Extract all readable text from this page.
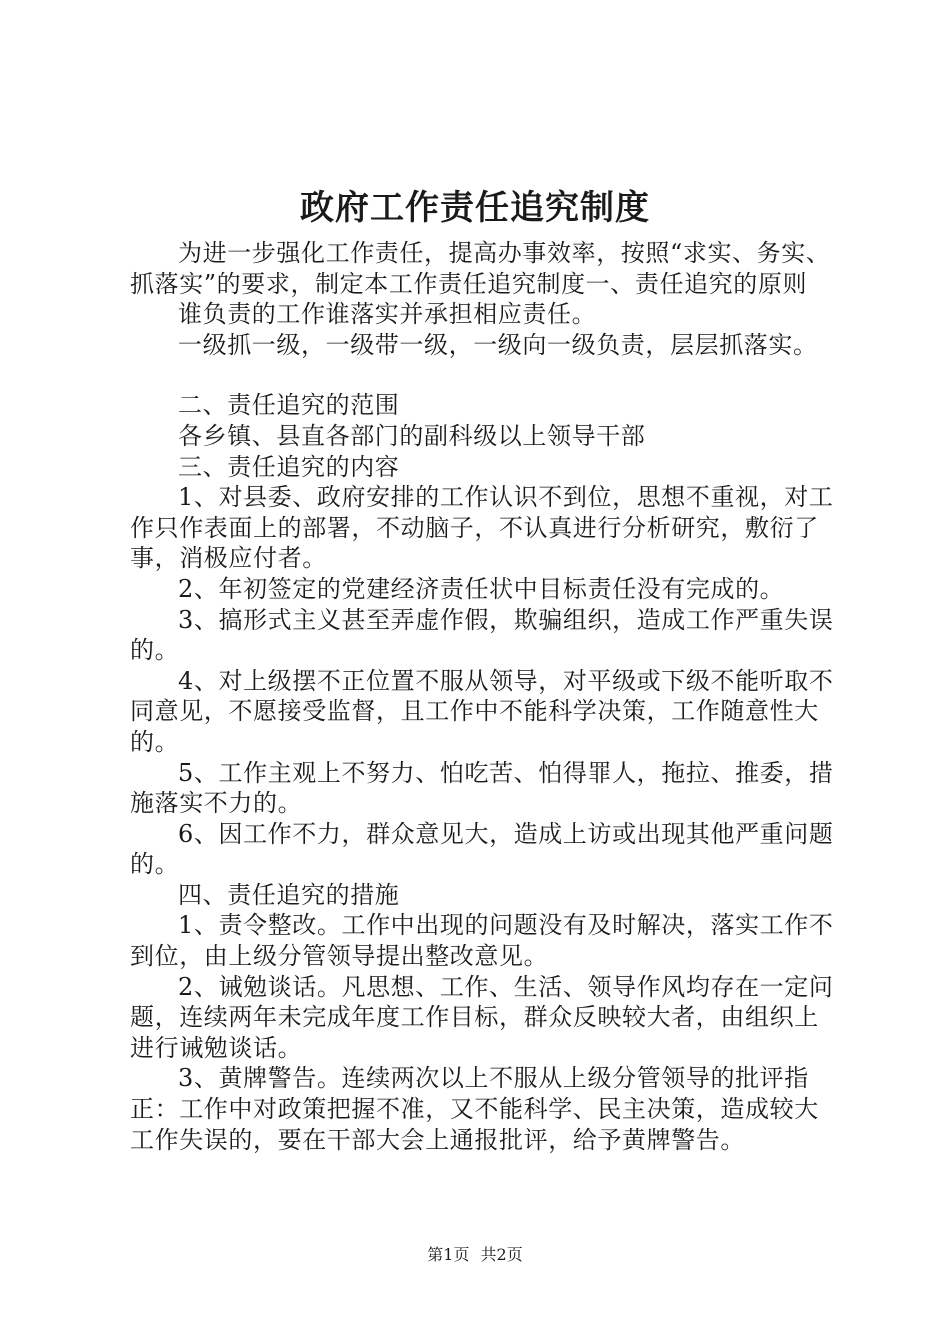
政府工作责任追究制度

为进一步强化工作责任，提高办事效率，按照“求实、务实、抓落实”的要求，制定本工作责任追究制度一、责任追究的原则

谁负责的工作谁落实并承担相应责任。

一级抓一级，一级带一级，一级向一级负责，层层抓落实。

二、责任追究的范围

各乡镇、县直各部门的副科级以上领导干部

三、责任追究的内容

1、对县委、政府安排的工作认识不到位，思想不重视，对工作只作表面上的部署，不动脑子，不认真进行分析研究，敷衍了事，消极应付者。

2、年初签定的党建经济责任状中目标责任没有完成的。

3、搞形式主义甚至弄虚作假，欺骗组织，造成工作严重失误的。

4、对上级摆不正位置不服从领导，对平级或下级不能听取不同意见，不愿接受监督，且工作中不能科学决策，工作随意性大的。

5、工作主观上不努力、怕吃苦、怕得罪人，拖拉、推委，措施落实不力的。

6、因工作不力，群众意见大，造成上访或出现其他严重问题的。

四、责任追究的措施

1、责令整改。工作中出现的问题没有及时解决，落实工作不到位，由上级分管领导提出整改意见。

2、诫勉谈话。凡思想、工作、生活、领导作风均存在一定问题，连续两年未完成年度工作目标，群众反映较大者，由组织上进行诫勉谈话。

3、黄牌警告。连续两次以上不服从上级分管领导的批评指正：工作中对政策把握不准，又不能科学、民主决策，造成较大工作失误的，要在干部大会上通报批评，给予黄牌警告。

第1页 共2页
